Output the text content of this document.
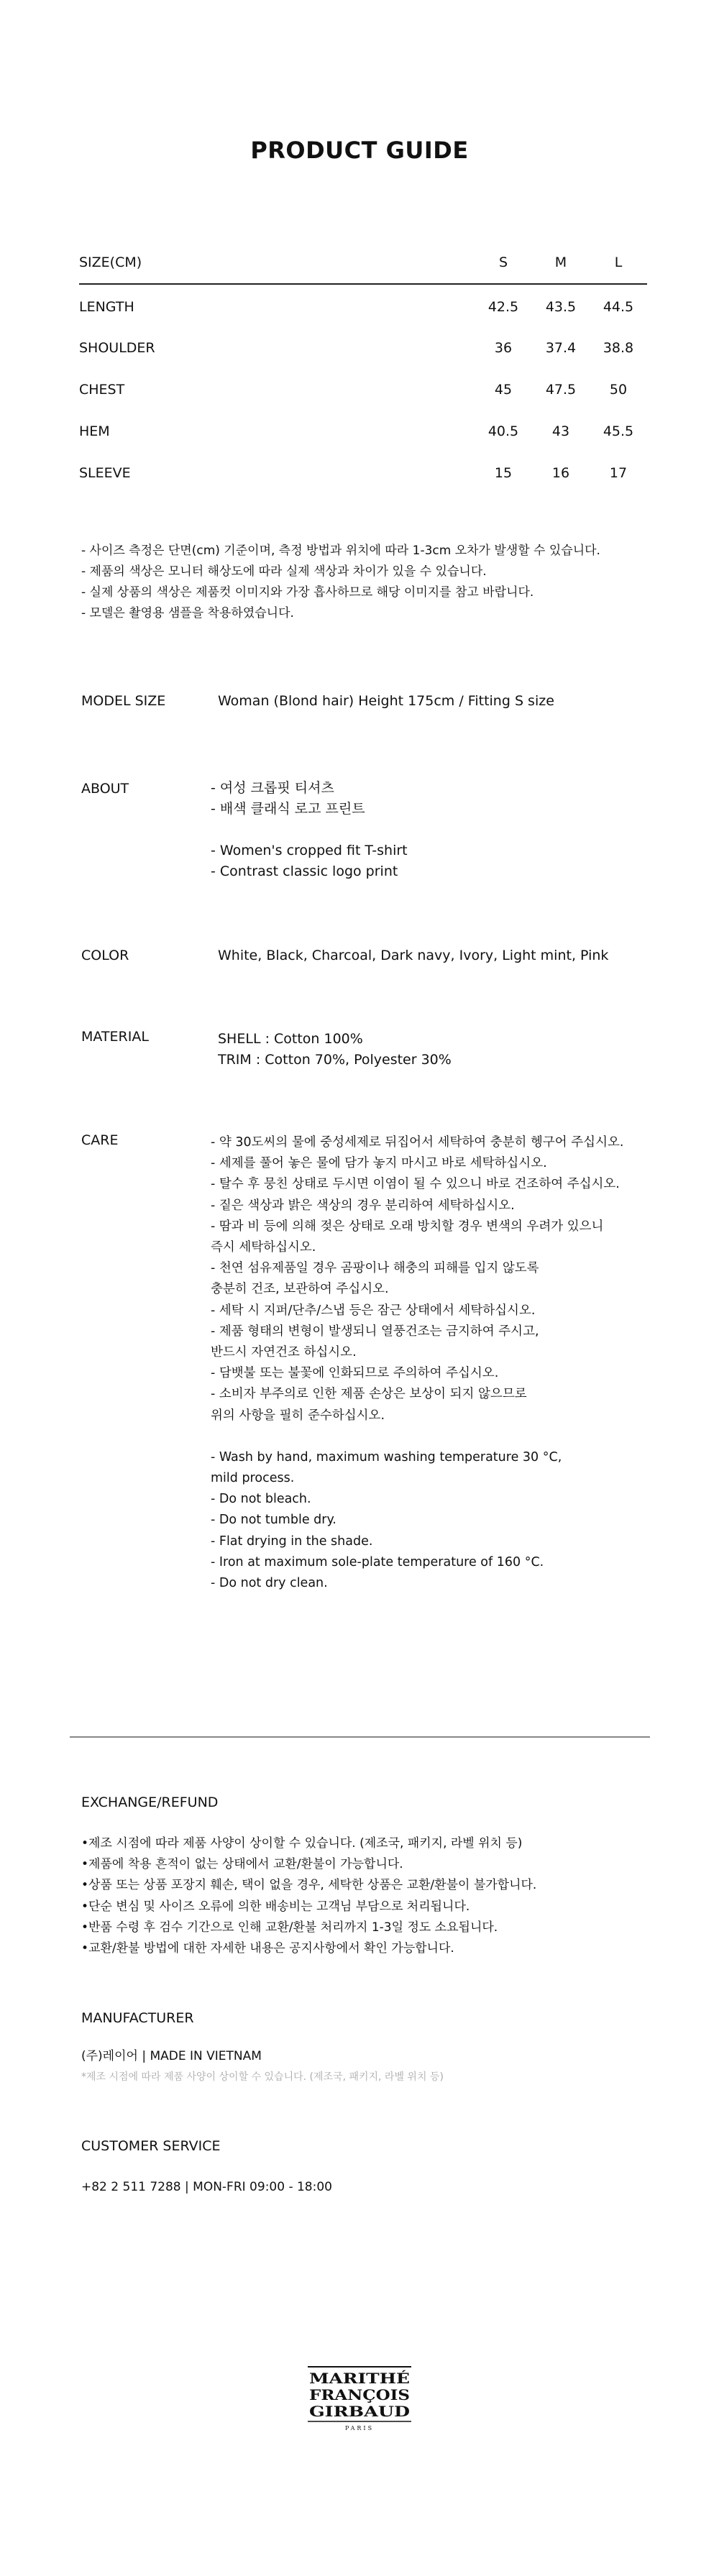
PRODUCT GUIDE
SIZE(CM)	S	M	L
LENGTH	42.5	43.5	44.5
SHOULDER	36	37.4	38.8
CHEST	45	47.5	50
HEM	40.5	43	45.5
SLEEVE	15	16	17
- 사이즈 측정은 단면(cm) 기준이며, 측정 방법과 위치에 따라 1-3cm 오차가 발생할 수 있습니다.
- 제품의 색상은 모니터 해상도에 따라 실제 색상과 차이가 있을 수 있습니다.
- 실제 상품의 색상은 제품컷 이미지와 가장 흡사하므로 해당 이미지를 참고 바랍니다.
- 모델은 촬영용 샘플을 착용하였습니다.
MODEL SIZE	Woman (Blond hair) Height 175cm / Fitting S size
ABOUT	- 여성 크롭핏 티셔츠
- 배색 클래식 로고 프린트
- Women's cropped fit T-shirt
- Contrast classic logo print
COLOR	White, Black, Charcoal, Dark navy, Ivory, Light mint, Pink
MATERIAL	SHELL : Cotton 100%
TRIM : Cotton 70%, Polyester 30%
CARE	- 약 30도씨의 물에 중성세제로 뒤집어서 세탁하여 충분히 헹구어 주십시오.
- 세제를 풀어 놓은 물에 담가 놓지 마시고 바로 세탁하십시오.
- 탈수 후 뭉친 상태로 두시면 이염이 될 수 있으니 바로 건조하여 주십시오.
- 짙은 색상과 밝은 색상의 경우 분리하여 세탁하십시오.
- 땀과 비 등에 의해 젖은 상태로 오래 방치할 경우 변색의 우려가 있으니
즉시 세탁하십시오.
- 천연 섬유제품일 경우 곰팡이나 해충의 피해를 입지 않도록
충분히 건조, 보관하여 주십시오.
- 세탁 시 지퍼/단추/스냅 등은 잠근 상태에서 세탁하십시오.
- 제품 형태의 변형이 발생되니 열풍건조는 금지하여 주시고,
반드시 자연건조 하십시오.
- 담뱃불 또는 불꽃에 인화되므로 주의하여 주십시오.
- 소비자 부주의로 인한 제품 손상은 보상이 되지 않으므로
위의 사항을 필히 준수하십시오.
- Wash by hand, maximum washing temperature 30 °C,
mild process.
- Do not bleach.
- Do not tumble dry.
- Flat drying in the shade.
- Iron at maximum sole-plate temperature of 160 °C.
- Do not dry clean.
EXCHANGE/REFUND
•제조 시점에 따라 제품 사양이 상이할 수 있습니다. (제조국, 패키지, 라벨 위치 등)
•제품에 착용 흔적이 없는 상태에서 교환/환불이 가능합니다.
•상품 또는 상품 포장지 훼손, 택이 없을 경우, 세탁한 상품은 교환/환불이 불가합니다.
•단순 변심 및 사이즈 오류에 의한 배송비는 고객님 부담으로 처리됩니다.
•반품 수령 후 검수 기간으로 인해 교환/환불 처리까지 1-3일 정도 소요됩니다.
•교환/환불 방법에 대한 자세한 내용은 공지사항에서 확인 가능합니다.
MANUFACTURER
(주)레이어 | MADE IN VIETNAM
*제조 시점에 따라 제품 사양이 상이할 수 있습니다. (제조국, 패키지, 라벨 위치 등)
CUSTOMER SERVICE
+82 2 511 7288 | MON-FRI 09:00 - 18:00
MARITHÉ
FRANÇOIS
GIRBAUD
PARIS
